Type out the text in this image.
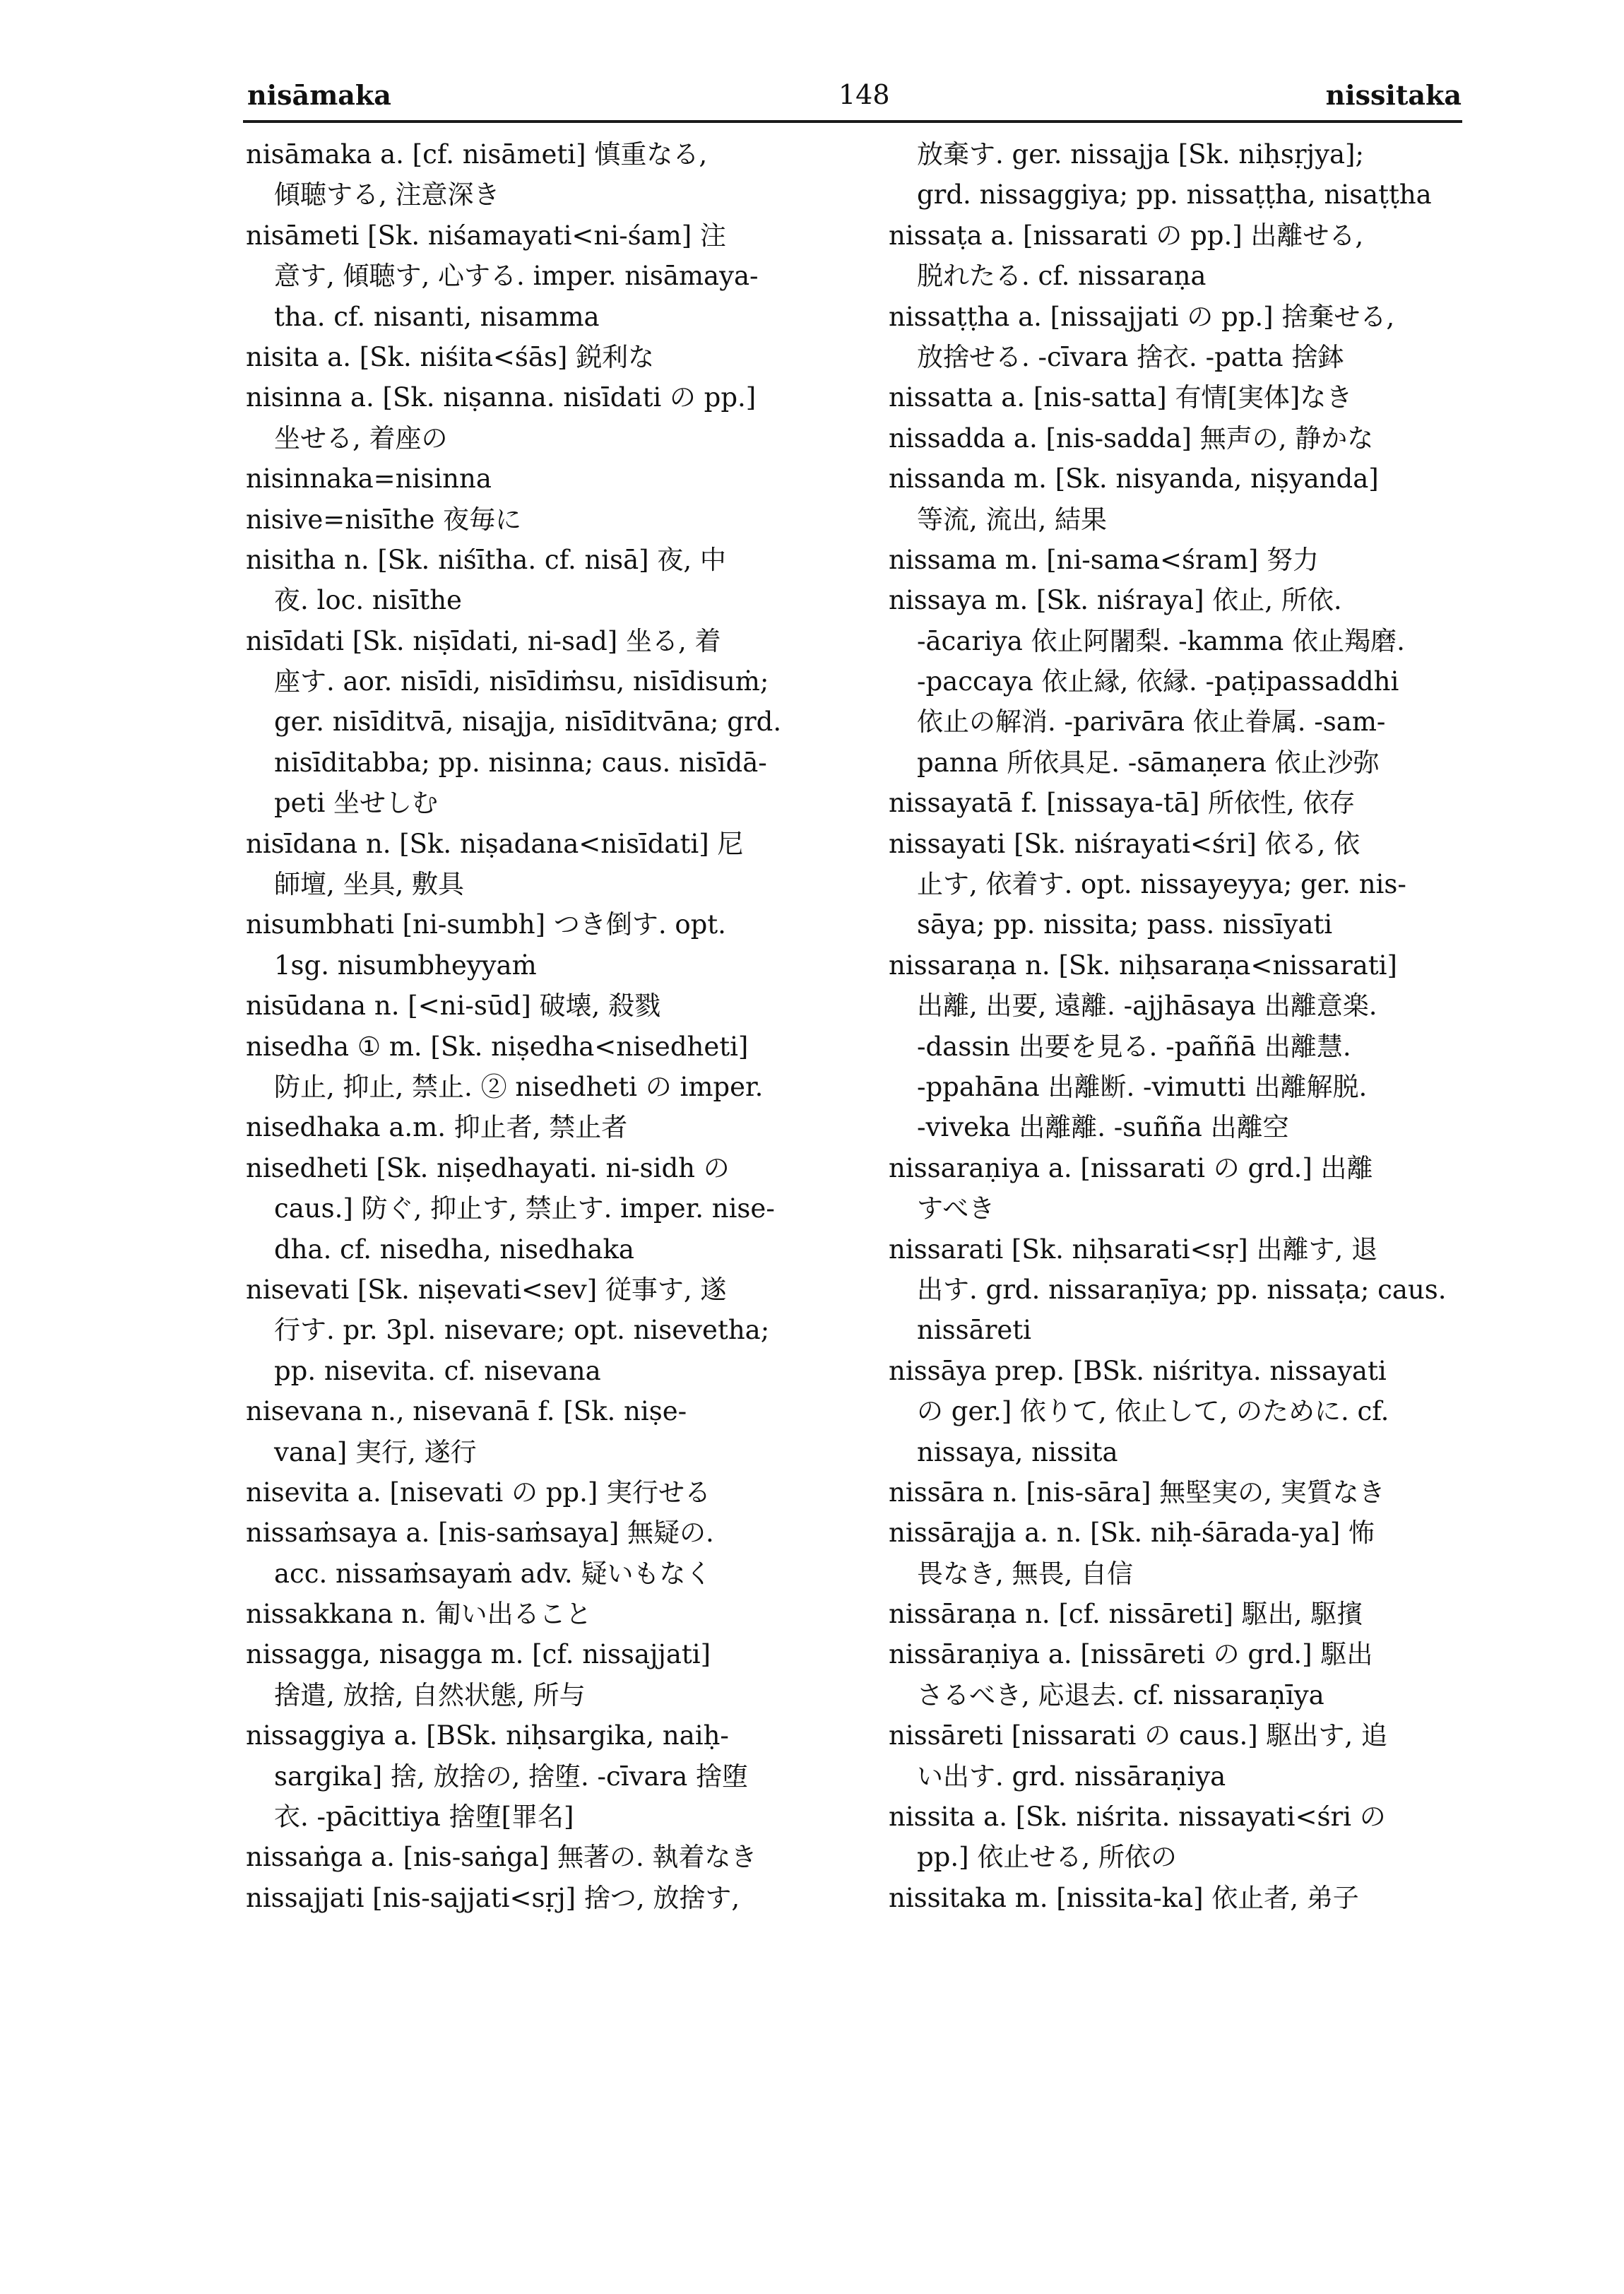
nisāmaka	148	nissitaka
nisāmaka a. [cf. nisāmeti] 慎重なる,
傾聴する, 注意深き
nisāmeti [Sk. niśamayati<ni-śam] 注
意す, 傾聴す, 心する. imper. nisāmaya-
tha. cf. nisanti, nisamma
nisita a. [Sk. niśita<śās] 鋭利な
nisinna a. [Sk. niṣanna. nisīdati の pp.]
坐せる, 着座の
nisinnaka=nisinna
nisive=nisīthe 夜毎に
nisitha n. [Sk. niśītha. cf. nisā] 夜, 中
夜. loc. nisīthe
nisīdati [Sk. niṣīdati, ni-sad] 坐る, 着
座す. aor. nisīdi, nisīdiṁsu, nisīdisuṁ;
ger. nisīditvā, nisajja, nisīditvāna; grd.
nisīditabba; pp. nisinna; caus. nisīdā-
peti 坐せしむ
nisīdana n. [Sk. niṣadana<nisīdati] 尼
師壇, 坐具, 敷具
nisumbhati [ni-sumbh] つき倒す. opt.
1sg. nisumbheyyaṁ
nisūdana n. [<ni-sūd] 破壊, 殺戮
nisedha ① m. [Sk. niṣedha<nisedheti]
防止, 抑止, 禁止. ② nisedheti の imper.
nisedhaka a.m. 抑止者, 禁止者
nisedheti [Sk. niṣedhayati. ni-sidh の
caus.] 防ぐ, 抑止す, 禁止す. imper. nise-
dha. cf. nisedha, nisedhaka
nisevati [Sk. niṣevati<sev] 従事す, 遂
行す. pr. 3pl. nisevare; opt. nisevetha;
pp. nisevita. cf. nisevana
nisevana n., nisevanā f. [Sk. niṣe-
vana] 実行, 遂行
nisevita a. [nisevati の pp.] 実行せる
nissaṁsaya a. [nis-saṁsaya] 無疑の.
acc. nissaṁsayaṁ adv. 疑いもなく
nissakkana n. 匍い出ること
nissagga, nisagga m. [cf. nissajjati]
捨遣, 放捨, 自然状態, 所与
nissaggiya a. [BSk. niḥsargika, naiḥ-
sargika] 捨, 放捨の, 捨堕. -cīvara 捨堕
衣. -pācittiya 捨堕[罪名]
nissaṅga a. [nis-saṅga] 無著の. 執着なき
nissajjati [nis-sajjati<sṛj] 捨つ, 放捨す,
放棄す. ger. nissajja [Sk. niḥsṛjya];
grd. nissaggiya; pp. nissaṭṭha, nisaṭṭha
nissaṭa a. [nissarati の pp.] 出離せる,
脱れたる. cf. nissaraṇa
nissaṭṭha a. [nissajjati の pp.] 捨棄せる,
放捨せる. -cīvara 捨衣. -patta 捨鉢
nissatta a. [nis-satta] 有情[実体]なき
nissadda a. [nis-sadda] 無声の, 静かな
nissanda m. [Sk. nisyanda, niṣyanda]
等流, 流出, 結果
nissama m. [ni-sama<śram] 努力
nissaya m. [Sk. niśraya] 依止, 所依.
-ācariya 依止阿闍梨. -kamma 依止羯磨.
-paccaya 依止縁, 依縁. -paṭipassaddhi
依止の解消. -parivāra 依止眷属. -sam-
panna 所依具足. -sāmaṇera 依止沙弥
nissayatā f. [nissaya-tā] 所依性, 依存
nissayati [Sk. niśrayati<śri] 依る, 依
止す, 依着す. opt. nissayeyya; ger. nis-
sāya; pp. nissita; pass. nissīyati
nissaraṇa n. [Sk. niḥsaraṇa<nissarati]
出離, 出要, 遠離. -ajjhāsaya 出離意楽.
-dassin 出要を見る. -paññā 出離慧.
-ppahāna 出離断. -vimutti 出離解脱.
-viveka 出離離. -suñña 出離空
nissaraṇiya a. [nissarati の grd.] 出離
すべき
nissarati [Sk. niḥsarati<sṛ] 出離す, 退
出す. grd. nissaraṇīya; pp. nissaṭa; caus.
nissāreti
nissāya prep. [BSk. niśritya. nissayati
の ger.] 依りて, 依止して, のために. cf.
nissaya, nissita
nissāra n. [nis-sāra] 無堅実の, 実質なき
nissārajja a. n. [Sk. niḥ-śārada-ya] 怖
畏なき, 無畏, 自信
nissāraṇa n. [cf. nissāreti] 駆出, 駆擯
nissāraṇiya a. [nissāreti の grd.] 駆出
さるべき, 応退去. cf. nissaraṇīya
nissāreti [nissarati の caus.] 駆出す, 追
い出す. grd. nissāraṇiya
nissita a. [Sk. niśrita. nissayati<śri の
pp.] 依止せる, 所依の
nissitaka m. [nissita-ka] 依止者, 弟子
